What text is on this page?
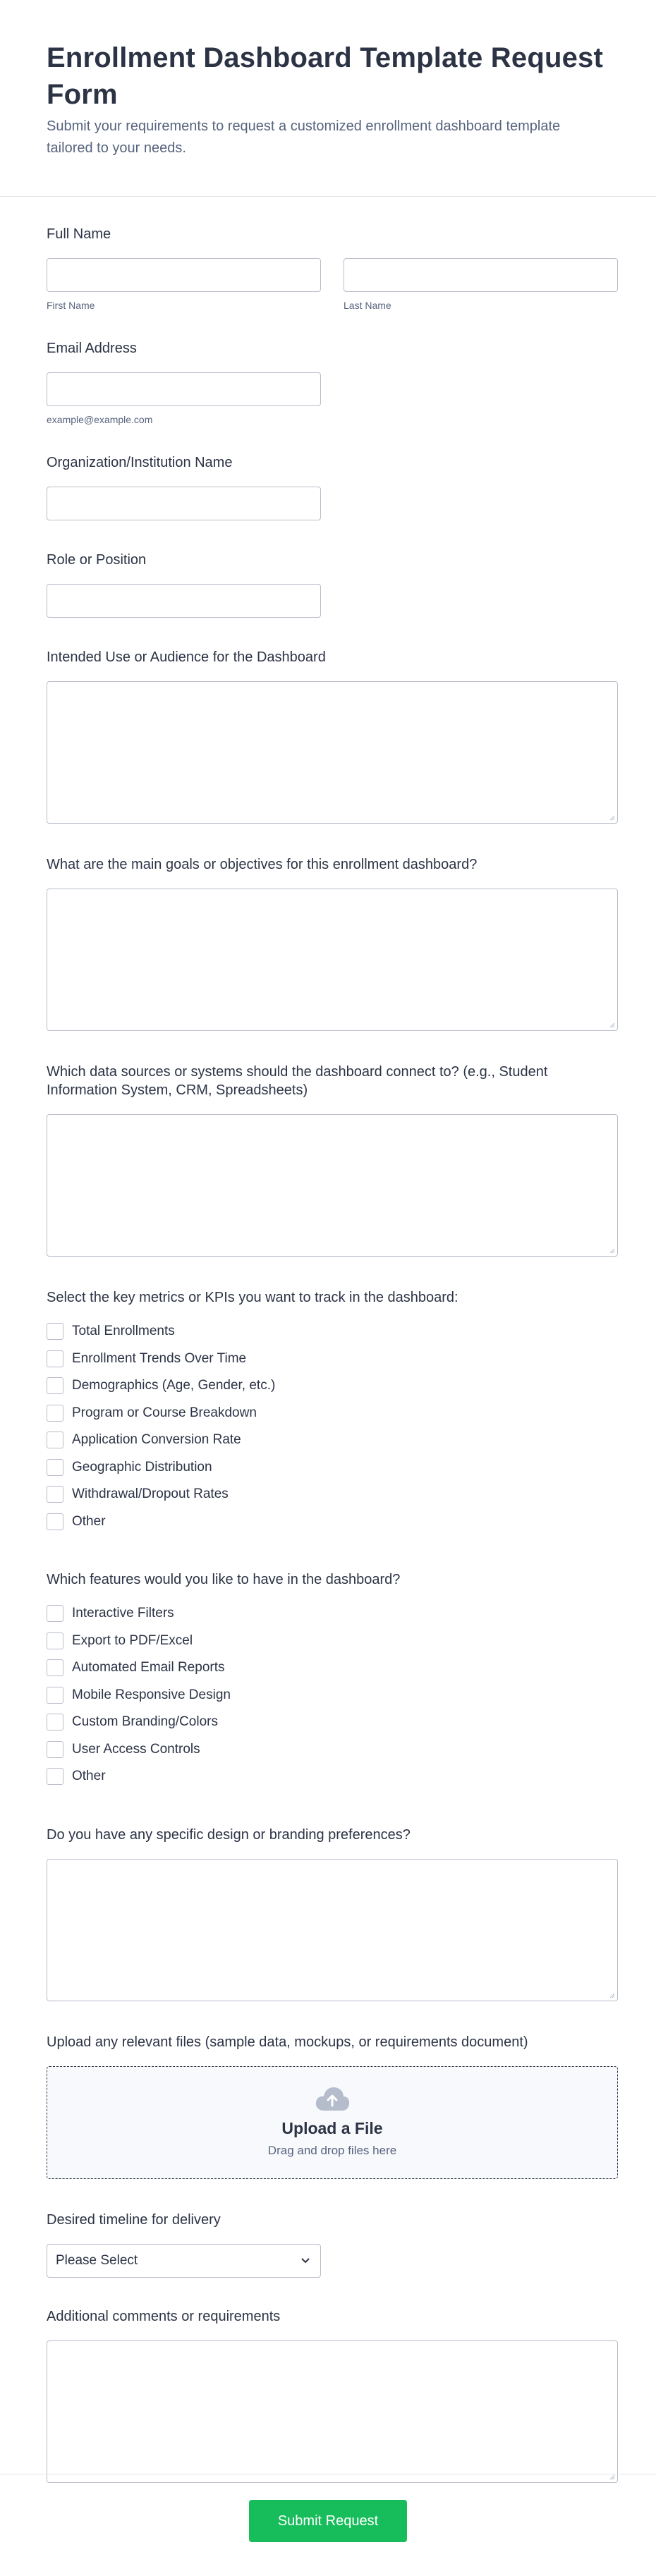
Enrollment Dashboard Template Request Form

Submit your requirements to request a customized enrollment dashboard template tailored to your needs.

Full Name
First Name	Last Name
Email Address
example@example.com
Organization/Institution Name
Role or Position
Intended Use or Audience for the Dashboard
What are the main goals or objectives for this enrollment dashboard?
Which data sources or systems should the dashboard connect to? (e.g., Student Information System, CRM, Spreadsheets)
Select the key metrics or KPIs you want to track in the dashboard:
Total Enrollments
Enrollment Trends Over Time
Demographics (Age, Gender, etc.)
Program or Course Breakdown
Application Conversion Rate
Geographic Distribution
Withdrawal/Dropout Rates
Other
Which features would you like to have in the dashboard?
Interactive Filters
Export to PDF/Excel
Automated Email Reports
Mobile Responsive Design
Custom Branding/Colors
User Access Controls
Other
Do you have any specific design or branding preferences?
Upload any relevant files (sample data, mockups, or requirements document)
Upload a File
Drag and drop files here
Desired timeline for delivery
Please Select
Additional comments or requirements
Submit Request
